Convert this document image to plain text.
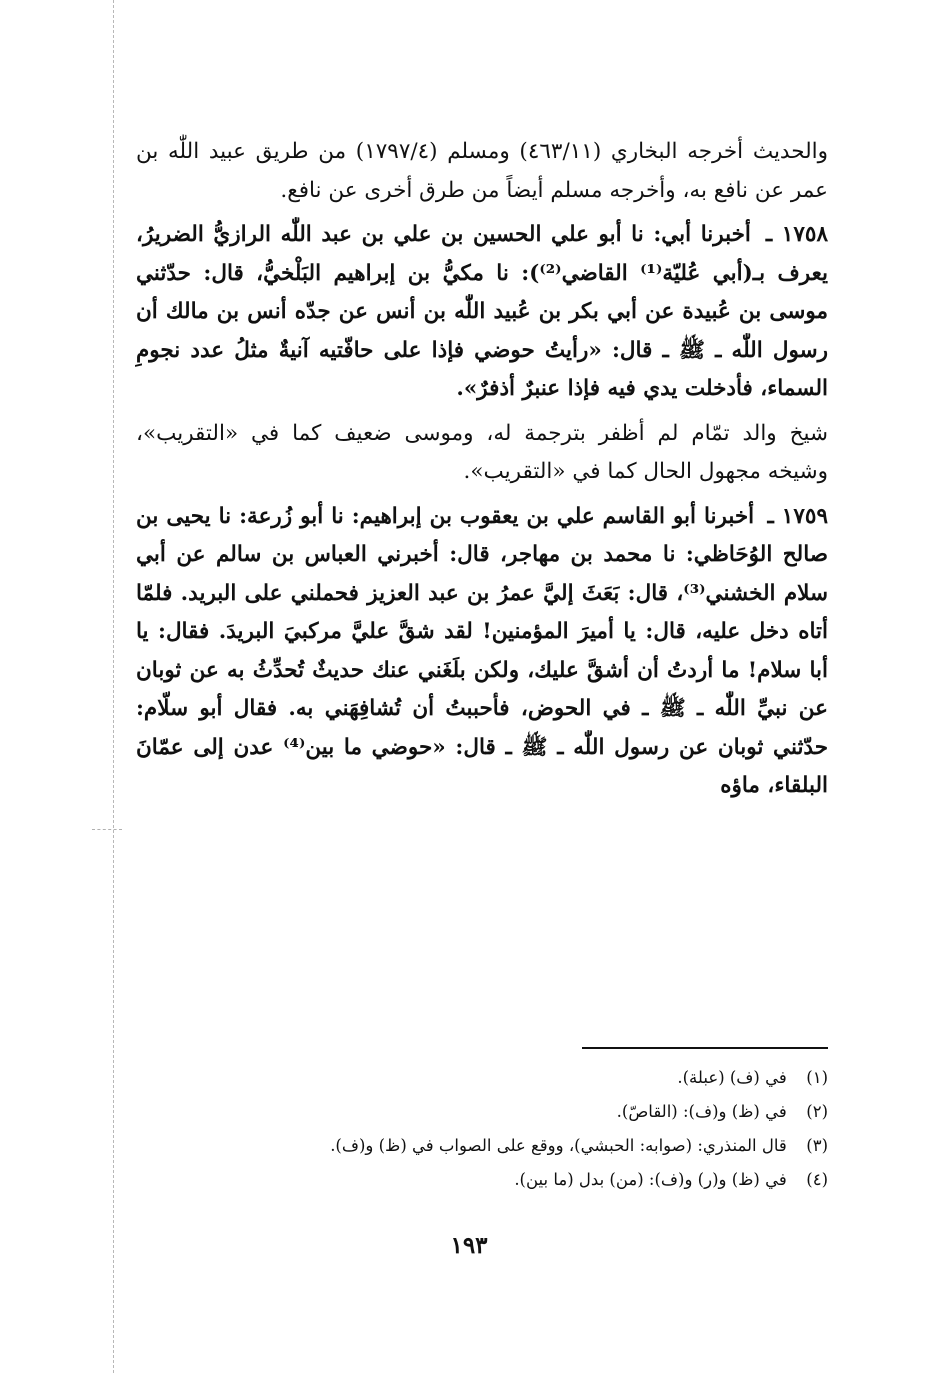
والحديث أخرجه البخاري (٤٦٣/١١) ومسلم (١٧٩٧/٤) من طريق عبيد اللّٰه بن عمر عن نافع به، وأخرجه مسلم أيضاً من طرق أخرى عن نافع.

١٧٥٨ ـ أخبرنا أبي: نا أبو علي الحسين بن علي بن عبد اللّٰه الرازيُّ الضريرُ، يعرف بـ(أبي عُليّة⁽¹⁾ القاضي⁽²⁾): نا مكيُّ بن إبراهيم البَلْخيُّ، قال: حدّثني موسى بن عُبيدة عن أبي بكر بن عُبيد اللّٰه بن أنس عن جدّه أنس بن مالك أن رسول اللّٰه ـ ﷺ ـ قال: «رأيتُ حوضي فإذا على حافّتيه آنيةٌ مثلُ عدد نجومِ السماء، فأدخلت يدي فيه فإذا عنبرٌ أذفرٌ».

شيخ والد تمّام لم أظفر بترجمة له، وموسى ضعيف كما في «التقريب»، وشيخه مجهول الحال كما في «التقريب».

١٧٥٩ ـ أخبرنا أبو القاسم علي بن يعقوب بن إبراهيم: نا أبو زُرعة: نا يحيى بن صالح الوُحَاظي: نا محمد بن مهاجر، قال: أخبرني العباس بن سالم عن أبي سلام الخشني⁽³⁾، قال: بَعَثَ إليَّ عمرُ بن عبد العزيز فحملني على البريد. فلمّا أتاه دخل عليه، قال: يا أميرَ المؤمنين! لقد شقَّ عليَّ مركبيَ البريدَ. فقال: يا أبا سلام! ما أردتُ أن أشقَّ عليك، ولكن بلَغَني عنك حديثٌ تُحدِّثُ به عن ثوبان عن نبيِّ اللّٰه ـ ﷺ ـ في الحوض، فأحببتُ أن تُشافِهَني به. فقال أبو سلّام: حدّثني ثوبان عن رسول اللّٰه ـ ﷺ ـ قال: «حوضي ما بين⁽⁴⁾ عدن إلى عمّانَ البلقاء، ماؤه

(١) في (ف) (عبلة).
(٢) في (ظ) و(ف): (القاصّ).
(٣) قال المنذري: (صوابه: الحبشي)، ووقع على الصواب في (ظ) و(ف).
(٤) في (ظ) و(ر) و(ف): (من) بدل (ما بين).
١٩٣
